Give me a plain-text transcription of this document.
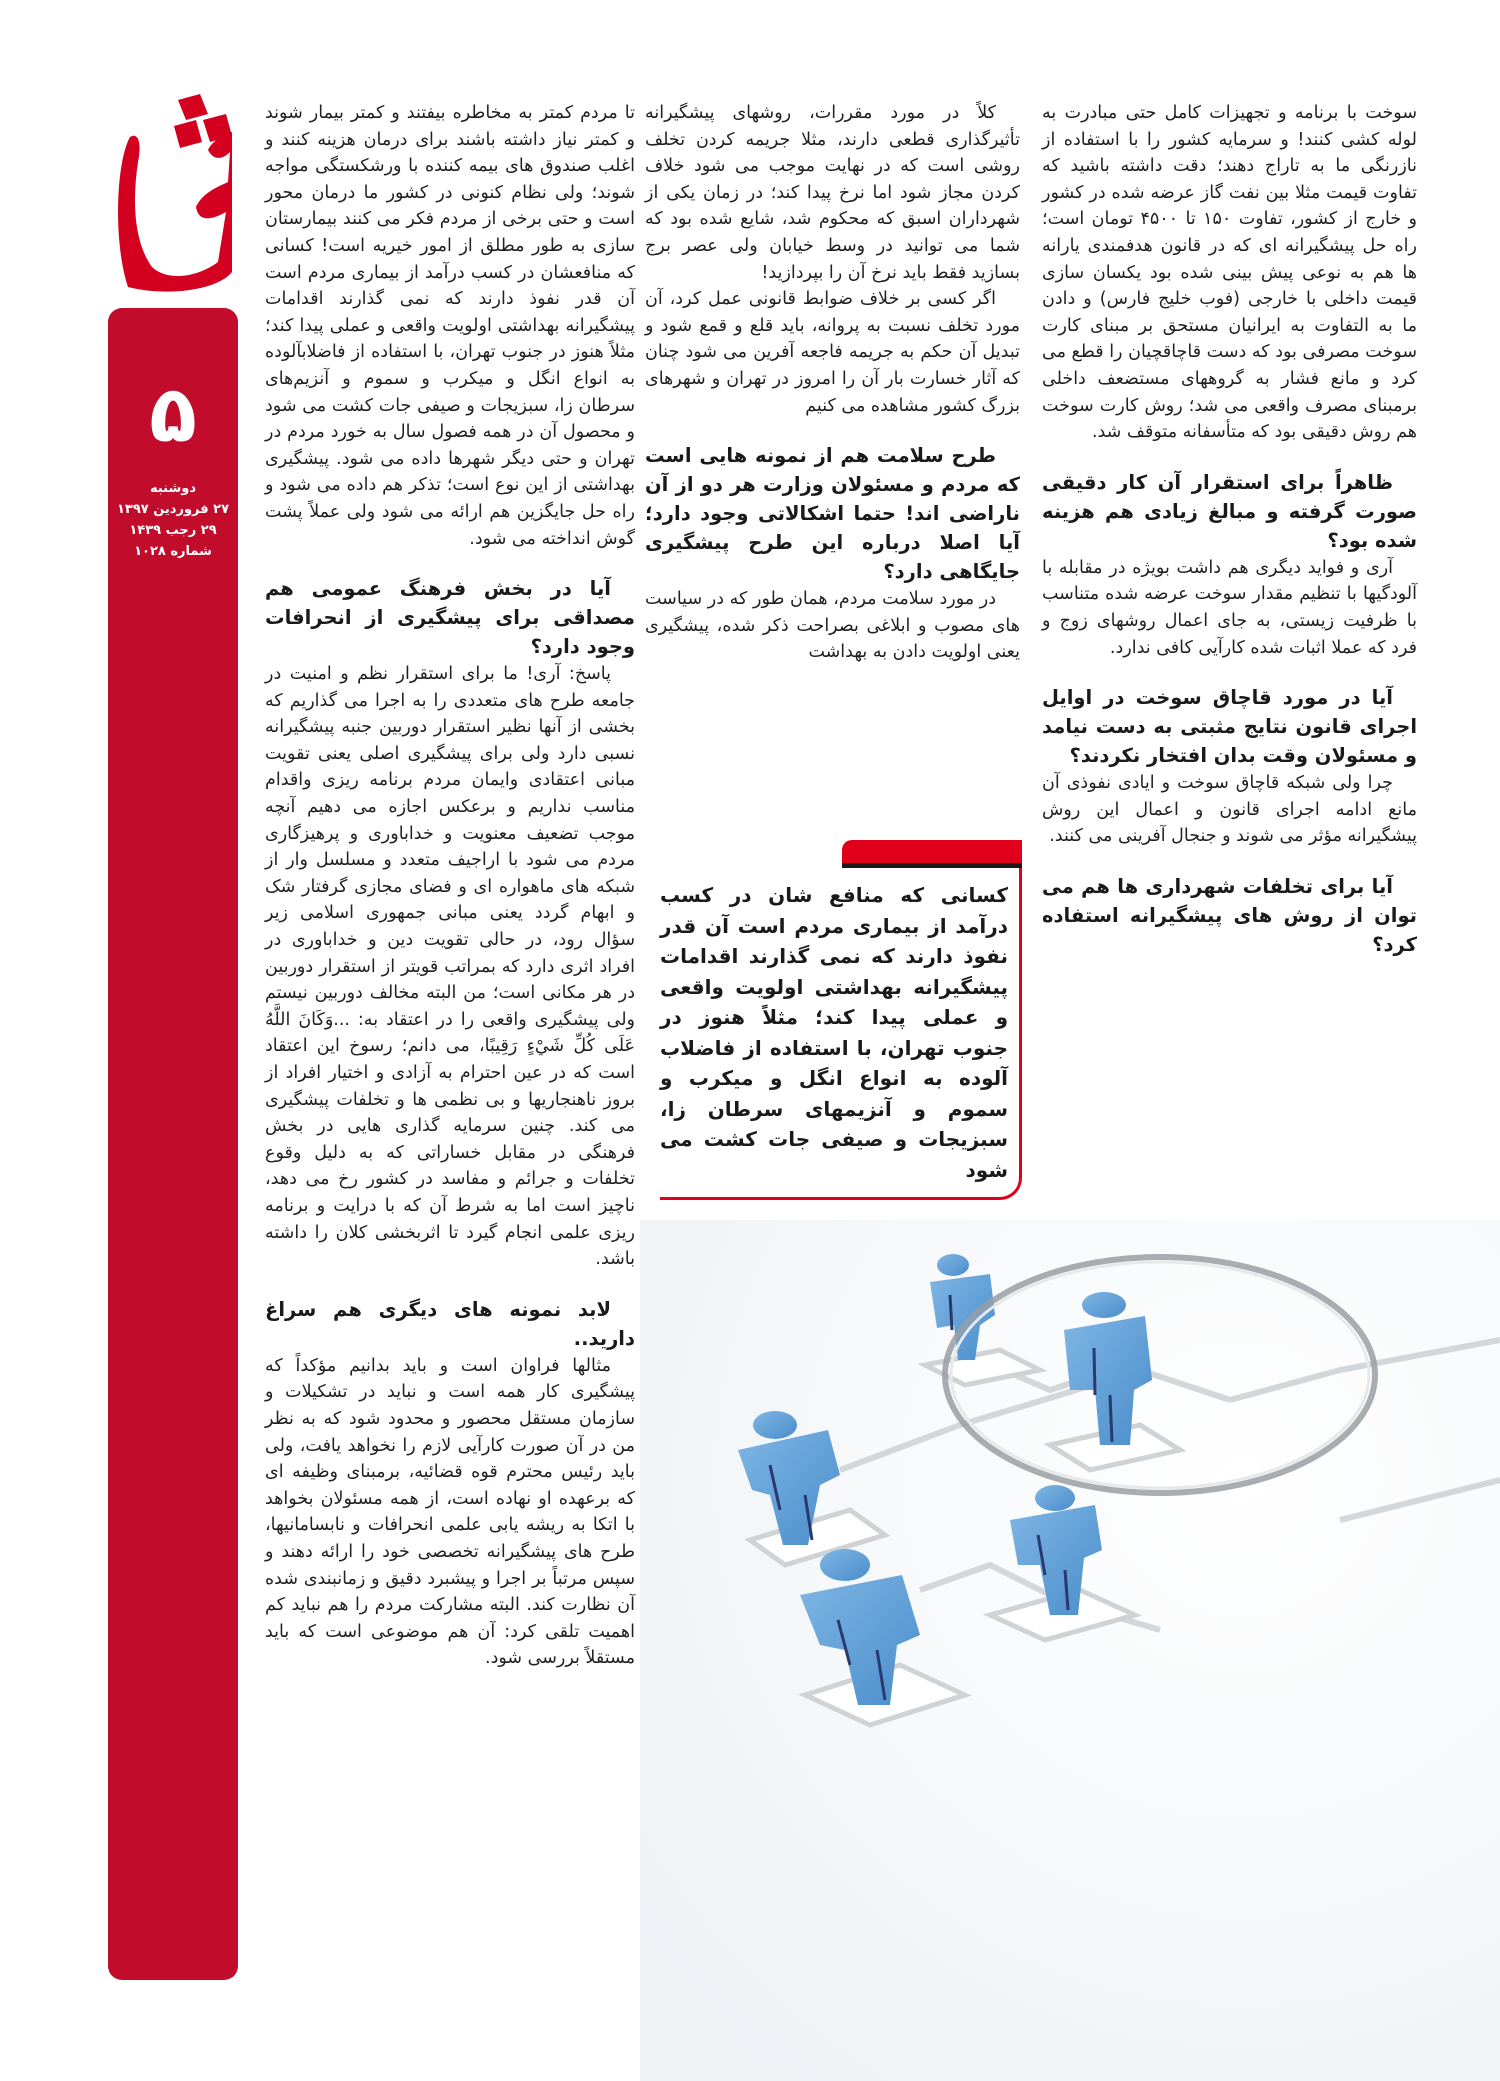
۵
دوشنبه
۲۷ فروردین ۱۳۹۷
۲۹ رجب ۱۴۳۹
شماره ۱۰۲۸

سوخت با برنامه و تجهیزات کامل حتی مبادرت به لوله کشی کنند! و سرمایه کشور را با استفاده از نازرنگی ما به تاراج دهند؛ دقت داشته باشید که تفاوت قیمت مثلا بین نفت گاز عرضه شده در کشور و خارج از کشور، تفاوت ۱۵۰ تا ۴۵۰۰ تومان است؛ راه حل پیشگیرانه ای که در قانون هدفمندی یارانه ها هم به نوعی پیش بینی شده بود یکسان سازی قیمت داخلی با خارجی (فوب خلیج فارس) و دادن ما به التفاوت به ایرانیان مستحق بر مبنای کارت سوخت مصرفی بود که دست قاچاقچیان را قطع می کرد و مانع فشار به گروههای مستضعف داخلی برمبنای مصرف واقعی می شد؛ روش کارت سوخت هم روش دقیقی بود که متأسفانه متوقف شد.

ظاهراً برای استقرار آن کار دقیقی صورت گرفته و مبالغ زیادی هم هزینه شده بود؟

آری و فواید دیگری هم داشت بویژه در مقابله با آلودگیها با تنظیم مقدار سوخت عرضه شده متناسب با ظرفیت زیستی، به جای اعمال روشهای زوج و فرد که عملا اثبات شده کارآیی کافی ندارد.

آیا در مورد قاچاق سوخت در اوایل اجرای قانون نتایج مثبتی به دست نیامد و مسئولان وقت بدان افتخار نکردند؟

چرا ولی شبکه قاچاق سوخت و ایادی نفوذی آن مانع ادامه اجرای قانون و اعمال این روش پیشگیرانه مؤثر می شوند و جنجال آفرینی می کنند.

آیا برای تخلفات شهرداری ها هم می توان از روش های پیشگیرانه استفاده کرد؟

کلاً در مورد مقررات، روشهای پیشگیرانه تأثیرگذاری قطعی دارند، مثلا جریمه کردن تخلف روشی است که در نهایت موجب می شود خلاف کردن مجاز شود اما نرخ پیدا کند؛ در زمان یکی از شهرداران اسبق که محکوم شد، شایع شده بود که شما می توانید در وسط خیابان ولی عصر برج بسازید فقط باید نرخ آن را بپردازید!

اگر کسی بر خلاف ضوابط قانونی عمل کرد، آن مورد تخلف نسبت به پروانه، باید قلع و قمع شود و تبدیل آن حکم به جریمه فاجعه آفرین می شود چنان که آثار خسارت بار آن را امروز در تهران و شهرهای بزرگ کشور مشاهده می کنیم

طرح سلامت هم از نمونه هایی است که مردم و مسئولان وزارت هر دو از آن ناراضی اند! حتما اشکالاتی وجود دارد؛ آیا اصلا درباره این طرح پیشگیری جایگاهی دارد؟

در مورد سلامت مردم، همان طور که در سیاست های مصوب و ابلاغی بصراحت ذکر شده، پیشگیری یعنی اولویت دادن به بهداشت

کسانی که منافع شان در کسب درآمد از بیماری مردم است آن قدر نفوذ دارند که نمی گذارند اقدامات پیشگیرانه بهداشتی اولویت واقعی و عملی پیدا کند؛ مثلاً هنوز در جنوب تهران، با استفاده از فاضلاب آلوده به انواع انگل و میکرب و سموم و آنزیمهای سرطان زا، سبزیجات و صیفی جات کشت می شود

تا مردم کمتر به مخاطره بیفتند و کمتر بیمار شوند و کمتر نیاز داشته باشند برای درمان هزینه کنند و اغلب صندوق های بیمه کننده با ورشکستگی مواجه شوند؛ ولی نظام کنونی در کشور ما درمان محور است و حتی برخی از مردم فکر می کنند بیمارستان سازی به طور مطلق از امور خیریه است! کسانی که منافعشان در کسب درآمد از بیماری مردم است آن قدر نفوذ دارند که نمی گذارند اقدامات پیشگیرانه بهداشتی اولویت واقعی و عملی پیدا کند؛ مثلاً هنوز در جنوب تهران، با استفاده از فاضلابآلوده به انواع انگل و میکرب و سموم و آنزیم‌های سرطان زا، سبزیجات و صیفی جات کشت می شود و محصول آن در همه فصول سال به خورد مردم در تهران و حتی دیگر شهرها داده می شود. پیشگیری بهداشتی از این نوع است؛ تذکر هم داده می شود و راه حل جایگزین هم ارائه می شود ولی عملاً پشت گوش انداخته می شود.

آیا در بخش فرهنگ عمومی هم مصداقی برای پیشگیری از انحرافات وجود دارد؟

پاسخ: آری! ما برای استقرار نظم و امنیت در جامعه طرح های متعددی را به اجرا می گذاریم که بخشی از آنها نظیر استقرار دوربین جنبه پیشگیرانه نسبی دارد ولی برای پیشگیری اصلی یعنی تقویت مبانی اعتقادی وایمان مردم برنامه ریزی واقدام مناسب نداریم و برعکس اجازه می دهیم آنچه موجب تضعیف معنویت و خداباوری و پرهیزگاری مردم می شود با اراجیف متعدد و مسلسل وار از شبکه های ماهواره ای و فضای مجازی گرفتار شک و ابهام گردد یعنی مبانی جمهوری اسلامی زیر سؤال رود، در حالی تقویت دین و خداباوری در افراد اثری دارد که بمراتب قویتر از استقرار دوربین در هر مکانی است؛ من البته مخالف دوربین نیستم ولی پیشگیری واقعی را در اعتقاد به: ...وَكَانَ اللَّهُ عَلَى كُلِّ شَيْءٍ رَقِيبًا، می دانم؛ رسوخ این اعتقاد است که در عین احترام به آزادی و اختیار افراد از بروز ناهنجاریها و بی نظمی ها و تخلفات پیشگیری می کند. چنین سرمایه گذاری هایی در بخش فرهنگی در مقابل خساراتی که به دلیل وقوع تخلفات و جرائم و مفاسد در کشور رخ می دهد، ناچیز است اما به شرط آن که با درایت و برنامه ریزی علمی انجام گیرد تا اثربخشی کلان را داشته باشد.

لابد نمونه های دیگری هم سراغ دارید..

مثالها فراوان است و باید بدانیم مؤکداً که پیشگیری کار همه است و نباید در تشکیلات و سازمان مستقل محصور و محدود شود که به نظر من در آن صورت کارآیی لازم را نخواهد یافت، ولی باید رئیس محترم قوه قضائیه، برمبنای وظیفه ای که برعهده او نهاده است، از همه مسئولان بخواهد با اتکا به ریشه یابی علمی انحرافات و نابسامانیها، طرح های پیشگیرانه تخصصی خود را ارائه دهند و سپس مرتباً بر اجرا و پیشبرد دقیق و زمانبندی شده آن نظارت کند. البته مشارکت مردم را هم نباید کم اهمیت تلقی کرد: آن هم موضوعی است که باید مستقلاً بررسی شود.
